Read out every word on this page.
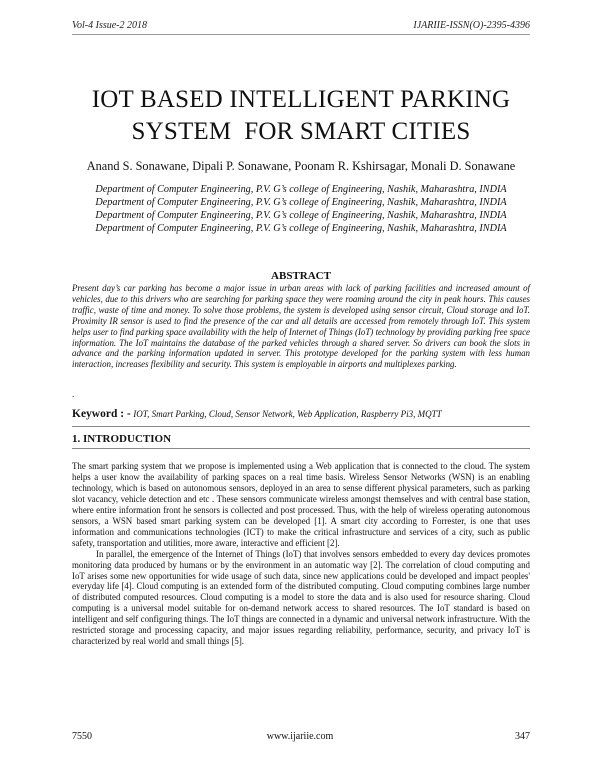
Vol-4 Issue-2 2018	IJARIIE-ISSN(O)-2395-4396
IOT BASED INTELLIGENT PARKING
SYSTEM  FOR SMART CITIES
Anand S. Sonawane, Dipali P. Sonawane, Poonam R. Kshirsagar, Monali D. Sonawane
Department of Computer Engineering, P.V. G’s college of Engineering, Nashik, Maharashtra, INDIA
Department of Computer Engineering, P.V. G’s college of Engineering, Nashik, Maharashtra, INDIA
Department of Computer Engineering, P.V. G’s college of Engineering, Nashik, Maharashtra, INDIA
Department of Computer Engineering, P.V. G’s college of Engineering, Nashik, Maharashtra, INDIA
ABSTRACT
Present day’s car parking has become a major issue in urban areas with lack of parking facilities and increased amount of vehicles, due to this drivers who are searching for parking space they were roaming around the city in peak hours. This causes traffic, waste of time and money. To solve those problems, the system is developed using sensor circuit, Cloud storage and IoT. Proximity IR sensor is used to find the presence of the car and all details are accessed from remotely through IoT. This system helps user to find parking space availability with the help of Internet of Things (IoT) technology by providing parking free space information. The IoT maintains the database of the parked vehicles through a shared server. So drivers can book the slots in advance and the parking information updated in server. This prototype developed for the parking system with less human interaction, increases flexibility and security. This system is employable in airports and multiplexes parking.
.
Keyword : - IOT, Smart Parking, Cloud, Sensor Network, Web Application, Raspberry Pi3, MQTT
1. INTRODUCTION

The smart parking system that we propose is implemented using a Web application that is connected to the cloud. The system helps a user know the availability of parking spaces on a real time basis. Wireless Sensor Networks (WSN) is an enabling technology, which is based on autonomous sensors, deployed in an area to sense different physical parameters, such as parking slot vacancy, vehicle detection and etc . These sensors communicate wireless amongst themselves and with central base station, where entire information front he sensors is collected and post processed. Thus, with the help of wireless operating autonomous sensors, a WSN based smart parking system can be developed [1]. A smart city according to Forrester, is one that uses information and communications technologies (ICT) to make the critical infrastructure and services of a city, such as public safety, transportation and utilities, more aware, interactive and efficient [2].

In parallel, the emergence of the Internet of Things (IoT) that involves sensors embedded to every day devices promotes monitoring data produced by humans or by the environment in an automatic way [2]. The correlation of cloud computing and IoT arises some new opportunities for wide usage of such data, since new applications could be developed and impact peoples' everyday life [4]. Cloud computing is an extended form of the distributed computing. Cloud computing combines large number of distributed computed resources. Cloud computing is a model to store the data and is also used for resource sharing. Cloud computing is a universal model suitable for on-demand network access to shared resources. The IoT standard is based on intelligent and self configuring things. The IoT things are connected in a dynamic and universal network infrastructure. With the restricted storage and processing capacity, and major issues regarding reliability, performance, security, and privacy IoT is characterized by real world and small things [5].

7550	www.ijariie.com	347
